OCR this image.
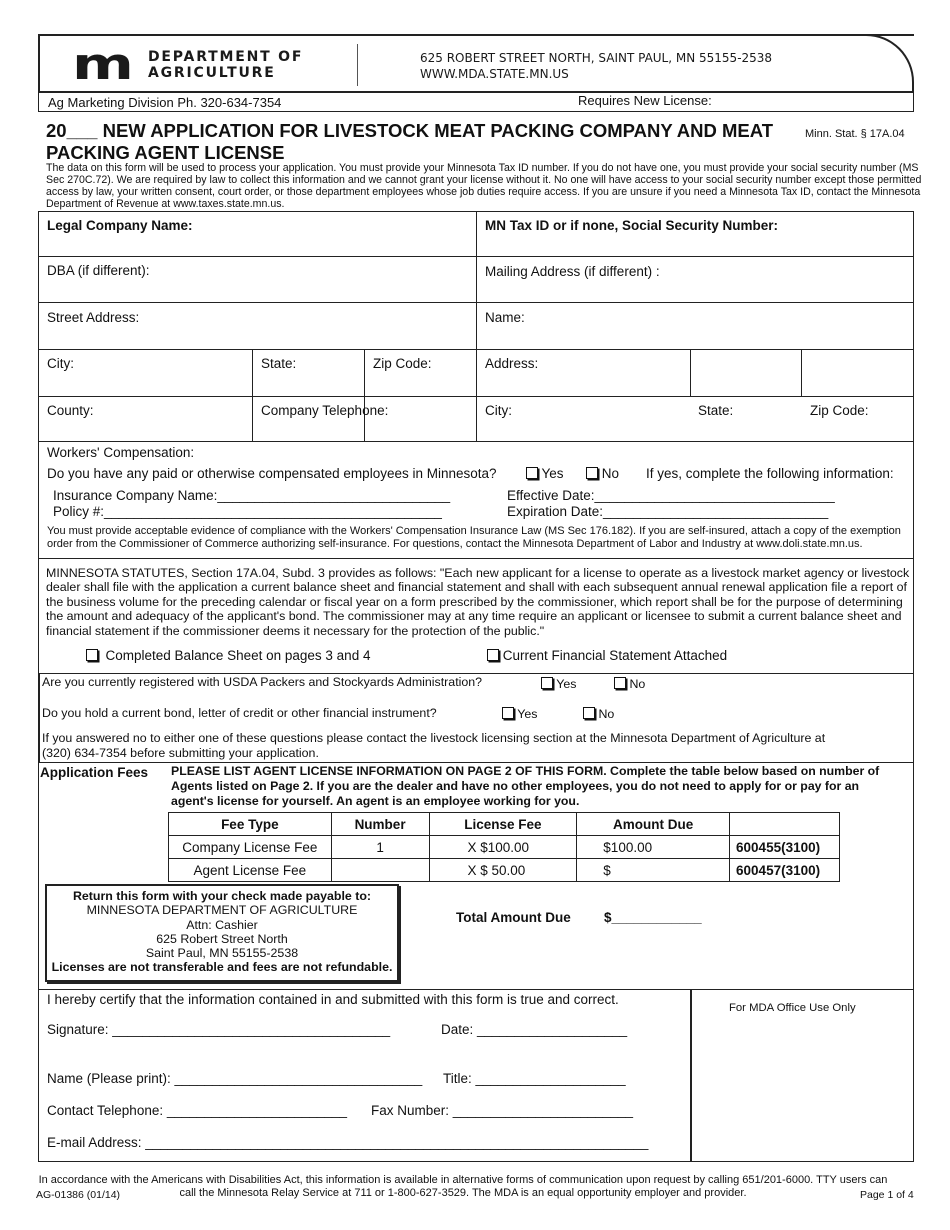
m DEPARTMENT OF
AGRICULTURE
625 ROBERT STREET NORTH, SAINT PAUL, MN 55155-2538
WWW.MDA.STATE.MN.US
Ag Marketing Division Ph. 320-634-7354	Requires New License:
20___ NEW APPLICATION FOR LIVESTOCK MEAT PACKING COMPANY AND MEAT PACKING AGENT LICENSE
Minn. Stat. § 17A.04
The data on this form will be used to process your application. You must provide your Minnesota Tax ID number. If you do not have one, you must provide your social security number (MS Sec 270C.72). We are required by law to collect this information and we cannot grant your license without it. No one will have access to your social security number except those permitted access by law, your written consent, court order, or those department employees whose job duties require access. If you are unsure if you need a Minnesota Tax ID, contact the Minnesota Department of Revenue at www.taxes.state.mn.us.
Legal Company Name:	MN Tax ID or if none, Social Security Number:
DBA (if different):	Mailing Address (if different) :
Street Address:	Name:
City:	State:	Zip Code:	Address:
County:	Company Telephone:	City:	State:	Zip Code:
Workers' Compensation:
Do you have any paid or otherwise compensated employees in Minnesota?	Yes	No If yes, complete the following information:
Insurance Company Name:_______________________________
Policy #:_____________________________________________
Effective Date:________________________________
Expiration Date:______________________________
You must provide acceptable evidence of compliance with the Workers' Compensation Insurance Law (MS Sec 176.182). If you are self-insured, attach a copy of the exemption order from the Commissioner of Commerce authorizing self-insurance. For questions, contact the Minnesota Department of Labor and Industry at www.doli.state.mn.us.
MINNESOTA STATUTES, Section 17A.04, Subd. 3 provides as follows: "Each new applicant for a license to operate as a livestock market agency or livestock dealer shall file with the application a current balance sheet and financial statement and shall with each subsequent annual renewal application file a report of the business volume for the preceding calendar or fiscal year on a form prescribed by the commissioner, which report shall be for the purpose of determining the amount and adequacy of the applicant's bond. The commissioner may at any time require an applicant or licensee to submit a current balance sheet and financial statement if the commissioner deems it necessary for the protection of the public."
Completed Balance Sheet on pages 3 and 4	Current Financial Statement Attached
Are you currently registered with USDA Packers and Stockyards Administration?	Yes	No
Do you hold a current bond, letter of credit or other financial instrument?	Yes	No
If you answered no to either one of these questions please contact the livestock licensing section at the Minnesota Department of Agriculture at (320) 634-7354 before submitting your application.
Application Fees PLEASE LIST AGENT LICENSE INFORMATION ON PAGE 2 OF THIS FORM. Complete the table below based on number of Agents listed on Page 2. If you are the dealer and have no other employees, you do not need to apply for or pay for an agent's license for yourself. An agent is an employee working for you.
Fee Type	Number	License Fee	Amount Due	
Company License Fee	1	X $100.00	$100.00	600455(3100)
Agent License Fee		X $ 50.00	$	600457(3100)
Return this form with your check made payable to:
MINNESOTA DEPARTMENT OF AGRICULTURE
Attn: Cashier
625 Robert Street North
Saint Paul, MN 55155-2538
Licenses are not transferable and fees are not refundable.
Total Amount Due $____________
I hereby certify that the information contained in and submitted with this form is true and correct.
Signature: _____________________________________	Date: ____________________
Name (Please print): _________________________________ Title: ____________________
Contact Telephone: ________________________ Fax Number: ________________________
E-mail Address: ___________________________________________________________________
For MDA Office Use Only
In accordance with the Americans with Disabilities Act, this information is available in alternative forms of communication upon request by calling 651/201-6000. TTY users can call the Minnesota Relay Service at 711 or 1-800-627-3529. The MDA is an equal opportunity employer and provider.
AG-01386 (01/14)	Page 1 of 4
